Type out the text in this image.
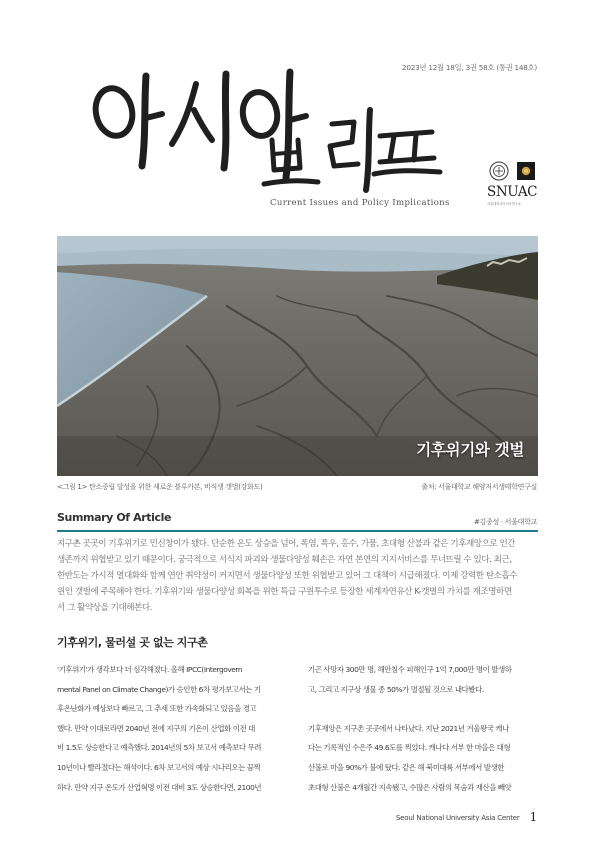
2023년 12월 18일, 3권 58호 (통권 148호)
Current Issues and Policy Implications
SNUAC
서울대학교아시아연구소
기후위기와 갯벌
<그림 1> 탄소중립 달성을 위한 새로운 블루카본, 비식생 갯벌(강화도)	출처: 서울대학교 해양저서생태학연구실
Summary Of Article	#김종성 · 서울대학교

지구촌 곳곳이 기후위기로 민신창이가 됐다. 단순한 온도 상승을 넘어, 폭염, 폭우, 홍수, 가뭄, 초대형 산불과 같은 기후재앙으로 인간

생존까지 위협받고 있기 때문이다. 궁극적으로 서식지 파괴와 생물다양성 훼손은 자연 본연의 지지서비스를 무너뜨릴 수 있다. 최근,

한반도는 가시적 열대화와 함께 연안 취약성이 커지면서 생물다양성 또한 위협받고 있어 그 대책이 시급해졌다. 이제 강력한 탄소흡수

원인 갯벌에 주목해야 한다. 기후위기와 생물다양성 회복을 위한 특급 구원투수로 등장한 세계자연유산 K-갯벌의 가치를 재조명하면

서 그 활약상을 기대해본다.

기후위기, 물러설 곳 없는 지구촌

'기후위기'가 생각보다 더 심각해졌다. 올해 IPCC(Intergovern

mental Panel on Climate Change)가 승인한 6차 평가보고서는 기

후온난화가 예상보다 빠르고, 그 추세 또한 가속화되고 있음을 경고

했다. 만약 이대로라면 2040년 전에 지구의 기온이 산업화 이전 대

비 1.5도 상승한다고 예측했다. 2014년의 5차 보고서 예측보다 무려

10년이나 빨라졌다는 해석이다. 6차 보고서의 예상 시나리오는 끔찍

하다. 만약 지구 온도가 산업혁명 이전 대비 3도 상승한다면, 2100년

기곤 사망자 300만 명, 해안침수 피해인구 1억 7,000만 명이 발생하

고, 그리고 지구상 생물 종 50%가 멸절될 것으로 내다봤다.

기후재앙은 지구촌 곳곳에서 나타났다. 지난 2021년 겨울왕국 캐나

다는 기록적인 수은주 49.6도를 찍었다. 캐나다 서부 한 마을은 대형

산불로 마을 90%가 불에 탔다. 같은 해 북미대륙 서부에서 발생한

초대형 산불은 4개월간 지속됐고, 수많은 사람의 목숨과 재산을 빼앗

Seoul National University Asia Center 1
